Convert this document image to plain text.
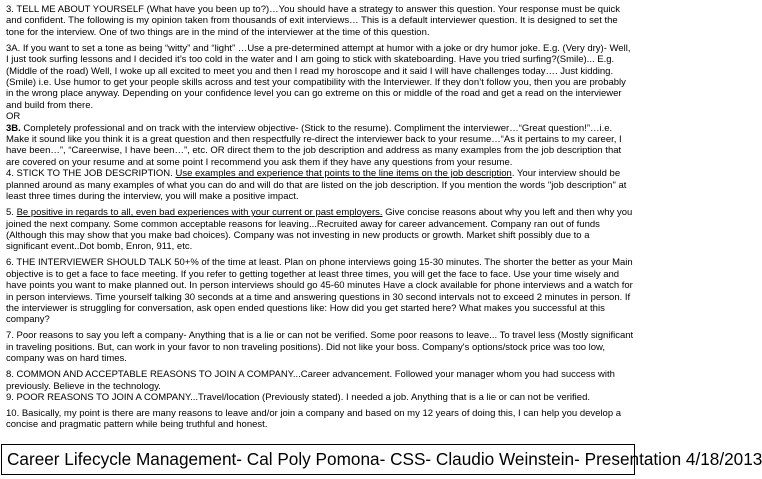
3. TELL ME ABOUT YOURSELF (What have you been up to?)…You should have a strategy to answer this question. Your response must be quick and confident. The following is my opinion taken from thousands of exit interviews… This is a default interviewer question. It is designed to set the tone for the interview. One of two things are in the mind of the interviewer at the time of this question.

3A. If you want to set a tone as being “witty” and “light” …Use a pre-determined attempt at humor with a joke or dry humor joke. E.g. (Very dry)- Well, I just took surfing lessons and I decided it’s too cold in the water and I am going to stick with skateboarding. Have you tried surfing?(Smile)... E.g. (Middle of the road) Well, I woke up all excited to meet you and then I read my horoscope and it said I will have challenges today…. Just kidding.(Smile) i.e. Use humor to get your people skills across and test your compatibility with the Interviewer. If they don’t follow you, then you are probably in the wrong place anyway. Depending on your confidence level you can go extreme on this or middle of the road and get a read on the interviewer and build from there.

OR

3B. Completely professional and on track with the interview objective- (Stick to the resume). Compliment the interviewer…“Great question!”…i.e. Make it sound like you think it is a great question and then respectfully re-direct the interviewer back to your resume…“As it pertains to my career, I have been…”, “Careerwise, I have been…”, etc. OR direct them to the job description and address as many examples from the job description that are covered on your resume and at some point I recommend you ask them if they have any questions from your resume.

4. STICK TO THE JOB DESCRIPTION. Use examples and experience that points to the line items on the job description. Your interview should be planned around as many examples of what you can do and will do that are listed on the job description. If you mention the words "job description" at least three times during the interview, you will make a positive impact.

5. Be positive in regards to all, even bad experiences with your current or past employers. Give concise reasons about why you left and then why you joined the next company. Some common acceptable reasons for leaving...Recruited away for career advancement. Company ran out of funds (Although this may show that you make bad choices). Company was not investing in new products or growth. Market shift possibly due to a significant event..Dot bomb, Enron, 911, etc.

6. THE INTERVIEWER SHOULD TALK 50+% of the time at least. Plan on phone interviews going 15-30 minutes. The shorter the better as your Main objective is to get a face to face meeting. If you refer to getting together at least three times, you will get the face to face. Use your time wisely and have points you want to make planned out. In person interviews should go 45-60 minutes Have a clock available for phone interviews and a watch for in person interviews. Time yourself talking 30 seconds at a time and answering questions in 30 second intervals not to exceed 2 minutes in person. If the interviewer is struggling for conversation, ask open ended questions like: How did you get started here? What makes you successful at this company?

7. Poor reasons to say you left a company- Anything that is a lie or can not be verified. Some poor reasons to leave... To travel less (Mostly significant in traveling positions. But, can work in your favor to non traveling positions). Did not like your boss. Company's options/stock price was too low, company was on hard times.

8. COMMON AND ACCEPTABLE REASONS TO JOIN A COMPANY...Career advancement. Followed your manager whom you had success with previously. Believe in the technology.

9. POOR REASONS TO JOIN A COMPANY...Travel/location (Previously stated). I needed a job. Anything that is a lie or can not be verified.

10. Basically, my point is there are many reasons to leave and/or join a company and based on my 12 years of doing this, I can help you develop a concise and pragmatic pattern while being truthful and honest.

Career Lifecycle Management- Cal Poly Pomona- CSS- Claudio Weinstein- Presentation 4/18/2013
